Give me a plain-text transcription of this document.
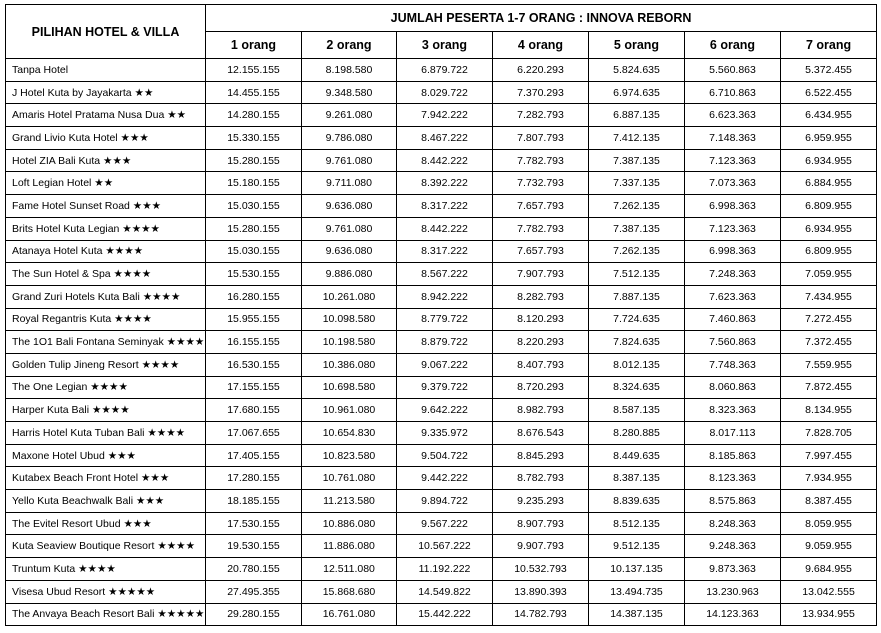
PILIHAN HOTEL & VILLA	JUMLAH PESERTA 1-7 ORANG : INNOVA REBORN						
	1 orang	2 orang	3 orang	4 orang	5 orang	6 orang	7 orang
Tanpa Hotel	12.155.155	8.198.580	6.879.722	6.220.293	5.824.635	5.560.863	5.372.455
J Hotel Kuta by Jayakarta ★★	14.455.155	9.348.580	8.029.722	7.370.293	6.974.635	6.710.863	6.522.455
Amaris Hotel Pratama Nusa Dua ★★	14.280.155	9.261.080	7.942.222	7.282.793	6.887.135	6.623.363	6.434.955
Grand Livio Kuta Hotel ★★★	15.330.155	9.786.080	8.467.222	7.807.793	7.412.135	7.148.363	6.959.955
Hotel ZIA Bali Kuta ★★★	15.280.155	9.761.080	8.442.222	7.782.793	7.387.135	7.123.363	6.934.955
Loft Legian Hotel ★★	15.180.155	9.711.080	8.392.222	7.732.793	7.337.135	7.073.363	6.884.955
Fame Hotel Sunset Road ★★★	15.030.155	9.636.080	8.317.222	7.657.793	7.262.135	6.998.363	6.809.955
Brits Hotel Kuta Legian ★★★★	15.280.155	9.761.080	8.442.222	7.782.793	7.387.135	7.123.363	6.934.955
Atanaya Hotel Kuta ★★★★	15.030.155	9.636.080	8.317.222	7.657.793	7.262.135	6.998.363	6.809.955
The Sun Hotel & Spa ★★★★	15.530.155	9.886.080	8.567.222	7.907.793	7.512.135	7.248.363	7.059.955
Grand Zuri Hotels Kuta Bali ★★★★	16.280.155	10.261.080	8.942.222	8.282.793	7.887.135	7.623.363	7.434.955
Royal Regantris Kuta ★★★★	15.955.155	10.098.580	8.779.722	8.120.293	7.724.635	7.460.863	7.272.455
The 1O1 Bali Fontana Seminyak ★★★★	16.155.155	10.198.580	8.879.722	8.220.293	7.824.635	7.560.863	7.372.455
Golden Tulip Jineng Resort ★★★★	16.530.155	10.386.080	9.067.222	8.407.793	8.012.135	7.748.363	7.559.955
The One Legian ★★★★	17.155.155	10.698.580	9.379.722	8.720.293	8.324.635	8.060.863	7.872.455
Harper Kuta Bali ★★★★	17.680.155	10.961.080	9.642.222	8.982.793	8.587.135	8.323.363	8.134.955
Harris Hotel Kuta Tuban Bali ★★★★	17.067.655	10.654.830	9.335.972	8.676.543	8.280.885	8.017.113	7.828.705
Maxone Hotel Ubud ★★★	17.405.155	10.823.580	9.504.722	8.845.293	8.449.635	8.185.863	7.997.455
Kutabex Beach Front Hotel ★★★	17.280.155	10.761.080	9.442.222	8.782.793	8.387.135	8.123.363	7.934.955
Yello Kuta Beachwalk Bali ★★★	18.185.155	11.213.580	9.894.722	9.235.293	8.839.635	8.575.863	8.387.455
The Evitel Resort Ubud ★★★	17.530.155	10.886.080	9.567.222	8.907.793	8.512.135	8.248.363	8.059.955
Kuta Seaview Boutique Resort ★★★★	19.530.155	11.886.080	10.567.222	9.907.793	9.512.135	9.248.363	9.059.955
Truntum Kuta ★★★★	20.780.155	12.511.080	11.192.222	10.532.793	10.137.135	9.873.363	9.684.955
Visesa Ubud Resort ★★★★★	27.495.355	15.868.680	14.549.822	13.890.393	13.494.735	13.230.963	13.042.555
The Anvaya Beach Resort Bali ★★★★★	29.280.155	16.761.080	15.442.222	14.782.793	14.387.135	14.123.363	13.934.955
